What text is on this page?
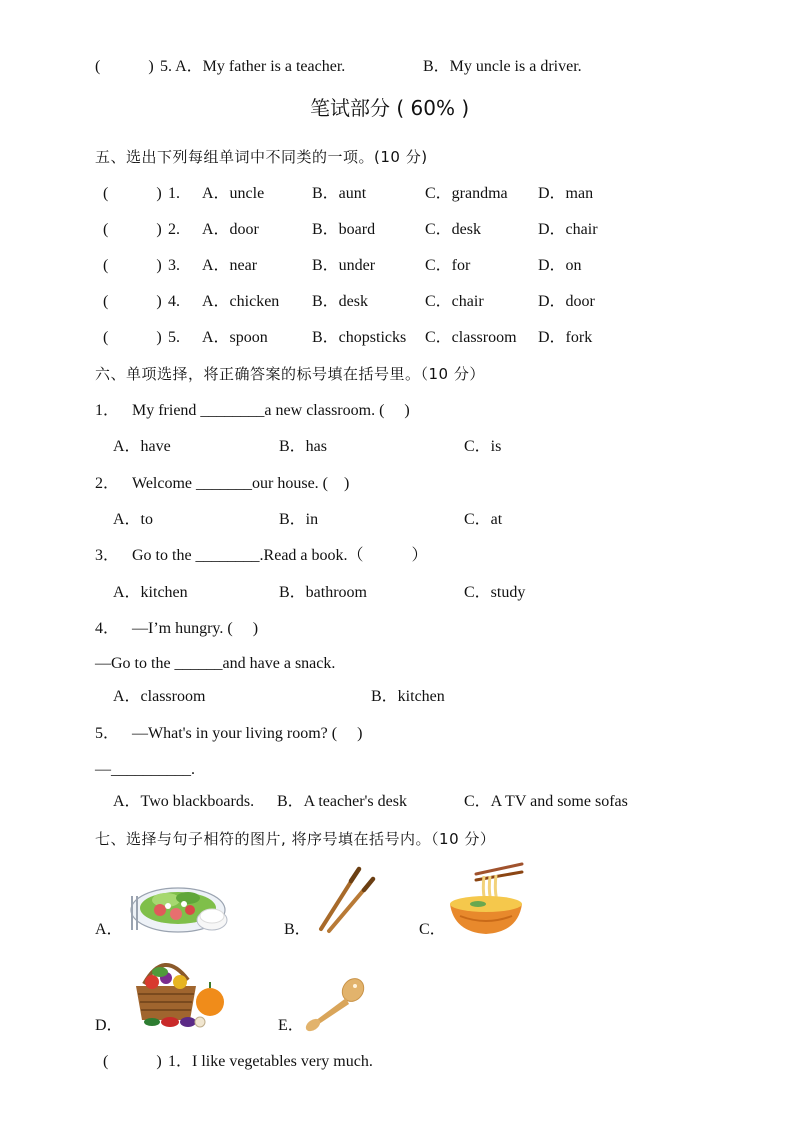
(　　　) 5. A．My father is a teacher.	B．My uncle is a driver.
笔试部分 ( 60% )
五、选出下列每组单词中不同类的一项。(10 分)
(　　　) 1. A．uncle	B．aunt	C．grandma D．man
(　　　) 2. A．door	B．board	C．desk	D．chair
(　　　) 3. A．near	B．under	C．for	D．on
(　　　) 4. A．chicken B．desk	C．chair	D．door
(　　　) 5. A．spoon	B．chopsticks C．classroom D．fork
六、单项选择，将正确答案的标号填在括号里。（10 分）
1． My friend ________a new classroom. (　 )
A．have	B．has	C．is
2． Welcome _______our house. (　)
A．to	B．in	C．at
3． Go to the ________.Read a book.（　　　）
A．kitchen	B．bathroom	C．study
4． —I’m hungry. (　 )
—Go to the ______and have a snack.
A．classroom	B．kitchen
5． —What's in your living room? (　 )
—__________.
A．Two blackboards. B．A teacher's desk	C．A TV and some sofas
七、选择与句子相符的图片, 将序号填在括号内。（10 分）
A．	B．	C．
D．	E．
(　　　) 1．I like vegetables very much.
